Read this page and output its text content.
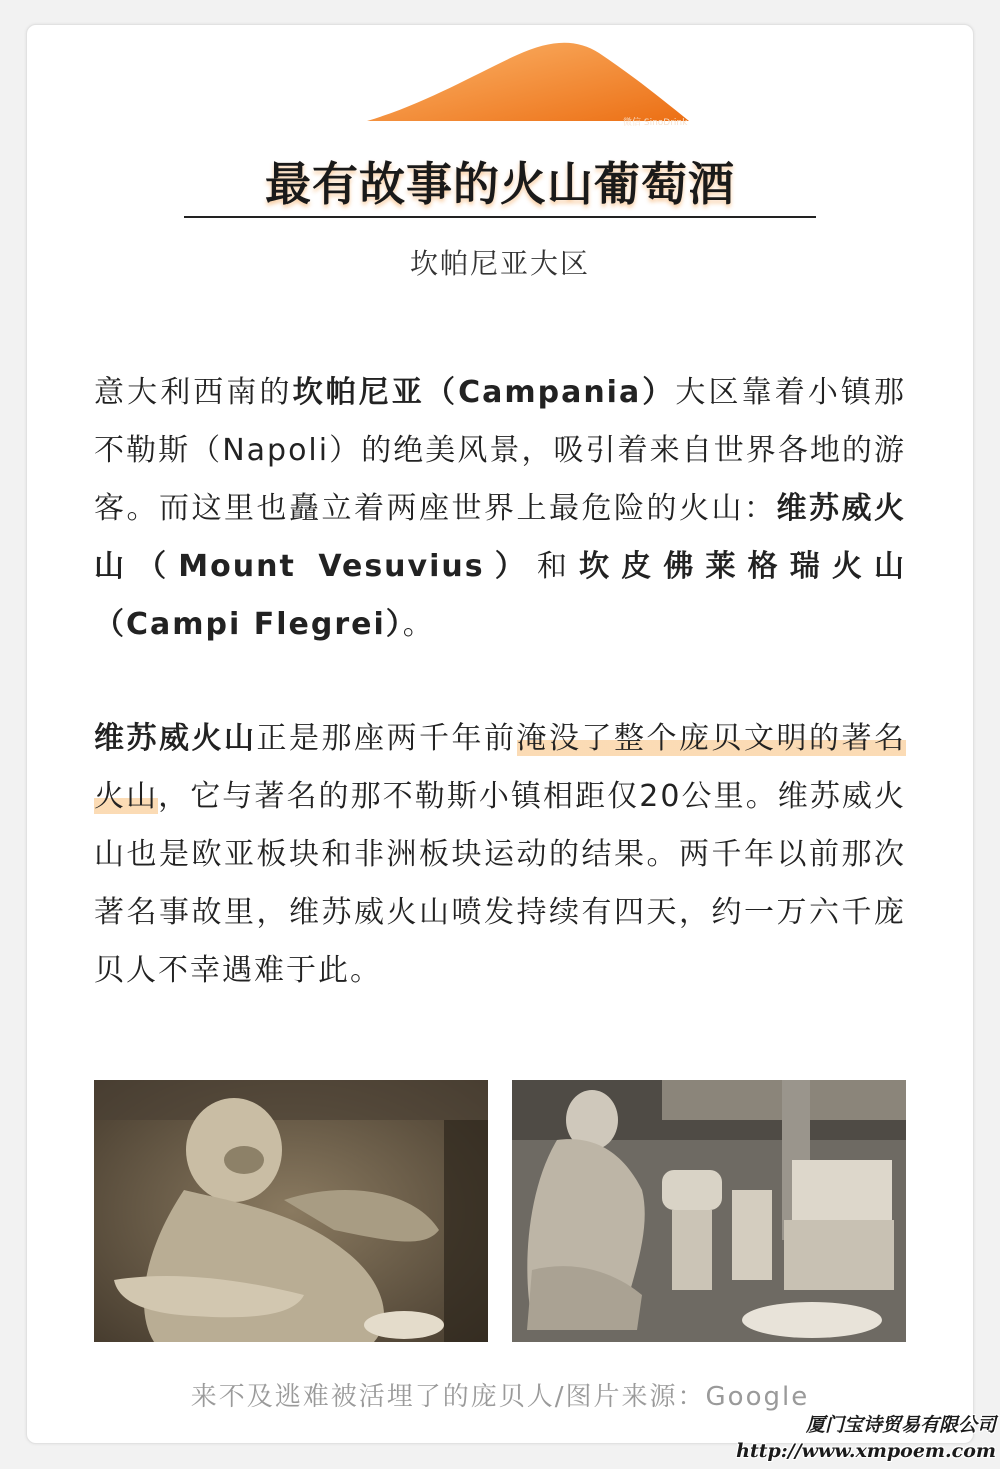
微信 SinoDrink
最有故事的火山葡萄酒
坎帕尼亚大区
意大利西南的坎帕尼亚（Campania）大区靠着小镇那不勒斯（Napoli）的绝美风景，吸引着来自世界各地的游客。而这里也矗立着两座世界上最危险的火山：维苏威火山（Mount Vesuvius）和坎皮佛莱格瑞火山（Campi Flegrei）。
维苏威火山正是那座两千年前淹没了整个庞贝文明的著名火山，它与著名的那不勒斯小镇相距仅20公里。维苏威火山也是欧亚板块和非洲板块运动的结果。两千年以前那次著名事故里，维苏威火山喷发持续有四天，约一万六千庞贝人不幸遇难于此。
来不及逃难被活埋了的庞贝人/图片来源：Google
厦门宝诗贸易有限公司
http://www.xmpoem.com
